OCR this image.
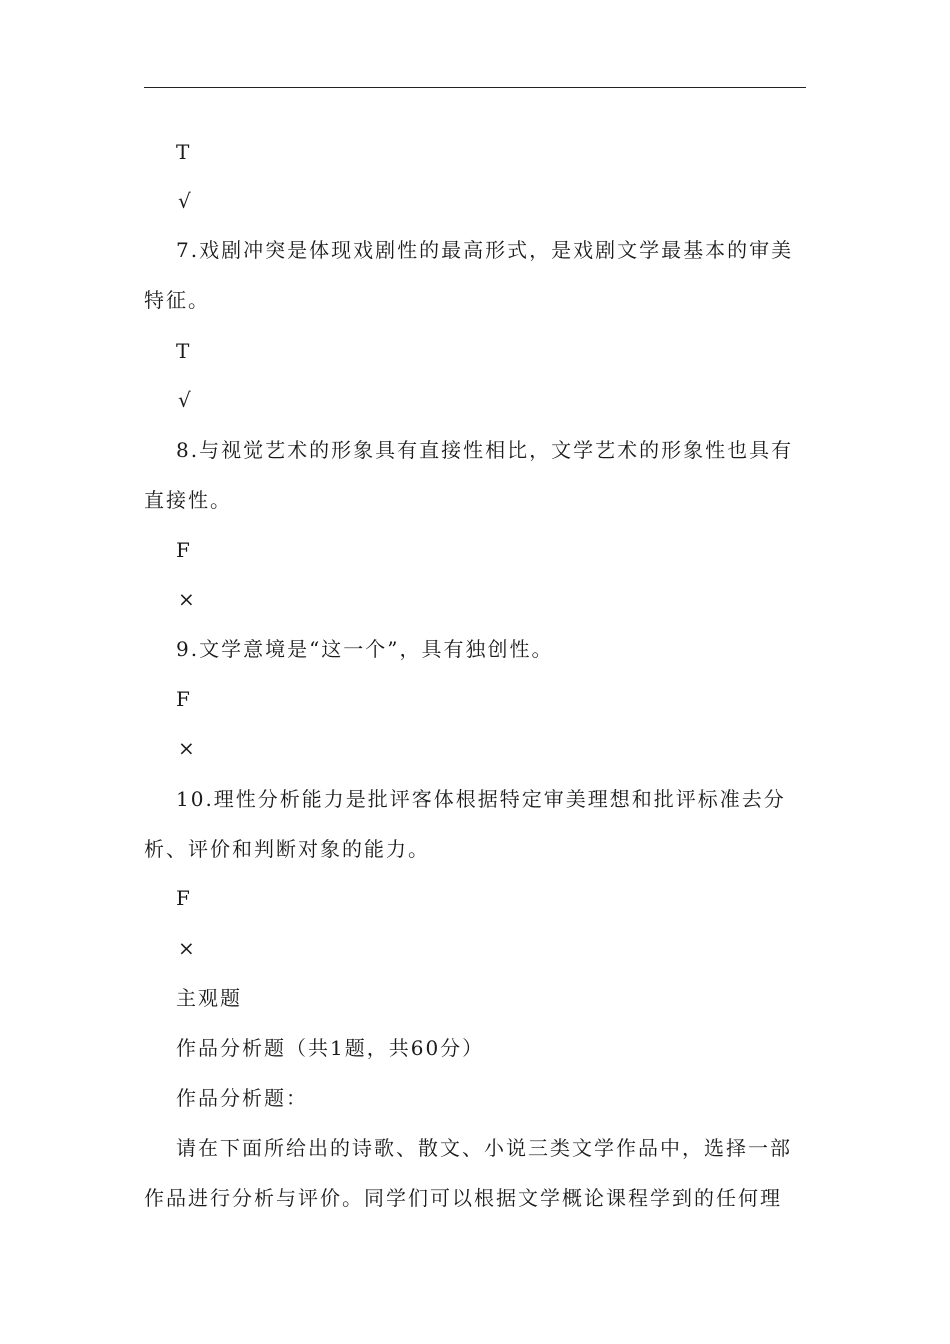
T
√
7.戏剧冲突是体现戏剧性的最高形式，是戏剧文学最基本的审美
特征。
T
√
8.与视觉艺术的形象具有直接性相比，文学艺术的形象性也具有
直接性。
F
×
9.文学意境是“这一个”，具有独创性。
F
×
10.理性分析能力是批评客体根据特定审美理想和批评标准去分
析、评价和判断对象的能力。
F
×
主观题
作品分析题（共1题，共60分）
作品分析题：
请在下面所给出的诗歌、散文、小说三类文学作品中，选择一部
作品进行分析与评价。同学们可以根据文学概论课程学到的任何理
